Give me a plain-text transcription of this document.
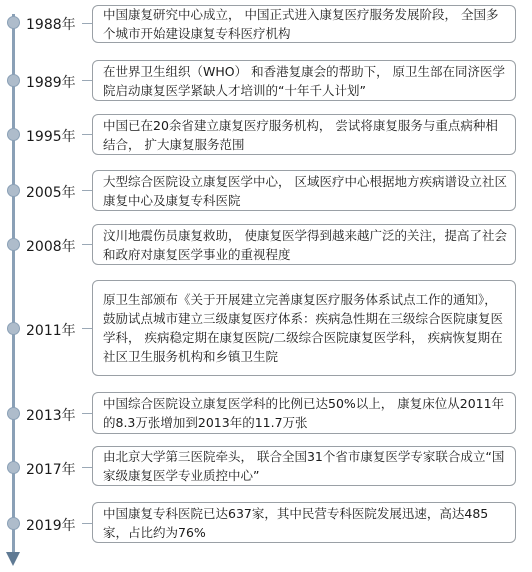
1988年
中国康复研究中心成立， 中国正式进入康复医疗服务发展阶段， 全国多个城市开始建设康复专科医疗机构
1989年
在世界卫生组织（WHO） 和香港复康会的帮助下， 原卫生部在同济医学院启动康复医学紧缺人才培训的“十年千人计划”
1995年
中国已在20余省建立康复医疗服务机构， 尝试将康复服务与重点病种相结合， 扩大康复服务范围
2005年
大型综合医院设立康复医学中心， 区域医疗中心根据地方疾病谱设立社区康复中心及康复专科医院
2008年
汶川地震伤员康复救助， 使康复医学得到越来越广泛的关注，提高了社会和政府对康复医学事业的重视程度
2011年
原卫生部颁布《关于开展建立完善康复医疗服务体系试点工作的通知》， 鼓励试点城市建立三级康复医疗体系：疾病急性期在三级综合医院康复医学科， 疾病稳定期在康复医院/二级综合医院康复医学科， 疾病恢复期在社区卫生服务机构和乡镇卫生院
2013年
中国综合医院设立康复医学科的比例已达50%以上， 康复床位从2011年的8.3万张增加到2013年的11.7万张
2017年
由北京大学第三医院牵头， 联合全国31个省市康复医学专家联合成立“国家级康复医学专业质控中心”
2019年
中国康复专科医院已达637家，其中民营专科医院发展迅速，高达485家，占比约为76%
